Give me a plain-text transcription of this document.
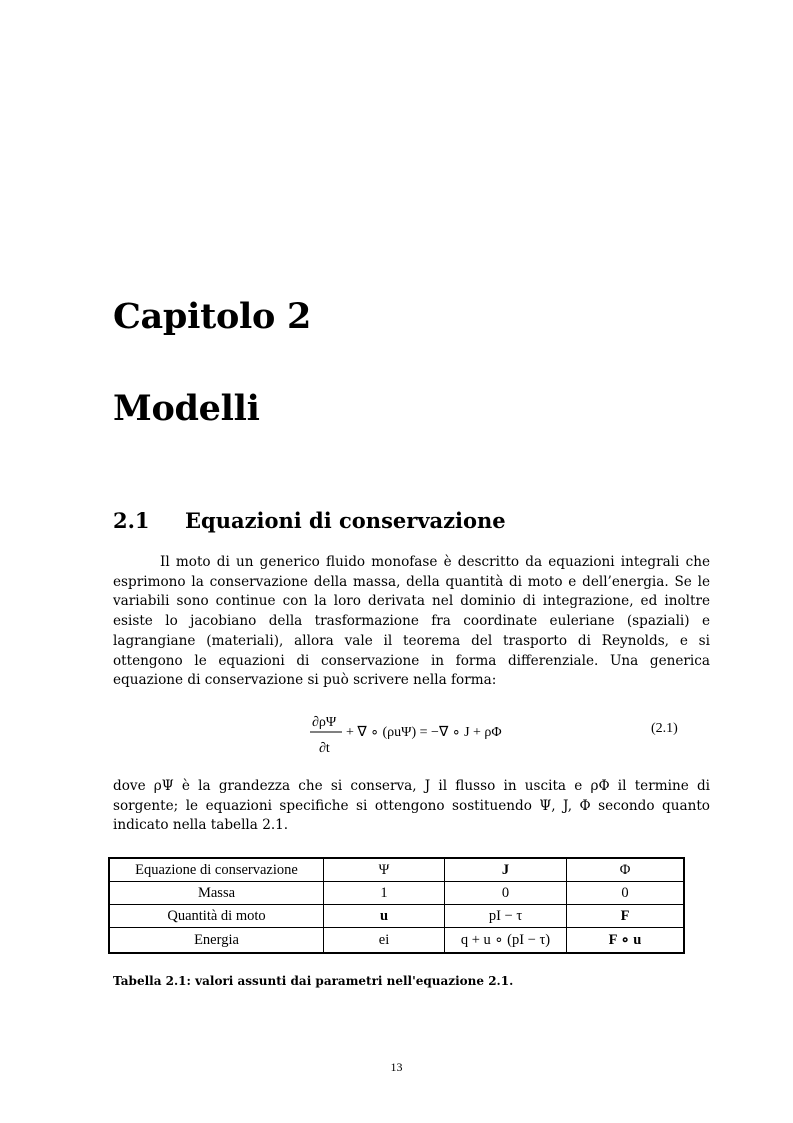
Capitolo 2
Modelli
2.1 Equazioni di conservazione

Il moto di un generico fluido monofase è descritto da equazioni integrali che esprimono la conservazione della massa, della quantità di moto e dell’energia. Se le variabili sono continue con la loro derivata nel dominio di integrazione, ed inoltre esiste lo jacobiano della trasformazione fra coordinate euleriane (spaziali) e lagrangiane (materiali), allora vale il teorema del trasporto di Reynolds, e si ottengono le equazioni di conservazione in forma differenziale. Una generica equazione di conservazione si può scrivere nella forma:

∂ρΨ
∂t
+ ∇ ∘ (ρuΨ) = −∇ ∘ J + ρΦ	(2.1)

dove ρΨ è la grandezza che si conserva, J il flusso in uscita e ρΦ il termine di sorgente; le equazioni specifiche si ottengono sostituendo Ψ, J, Φ secondo quanto indicato nella tabella 2.1.

Equazione di conservazione	Ψ	J	Φ
Massa	1	0	0
Quantità di moto	u	pI − τ	F
Energia	ei	q + u ∘ (pI − τ)	F ∘ u

Tabella 2.1: valori assunti dai parametri nell'equazione 2.1.

13
